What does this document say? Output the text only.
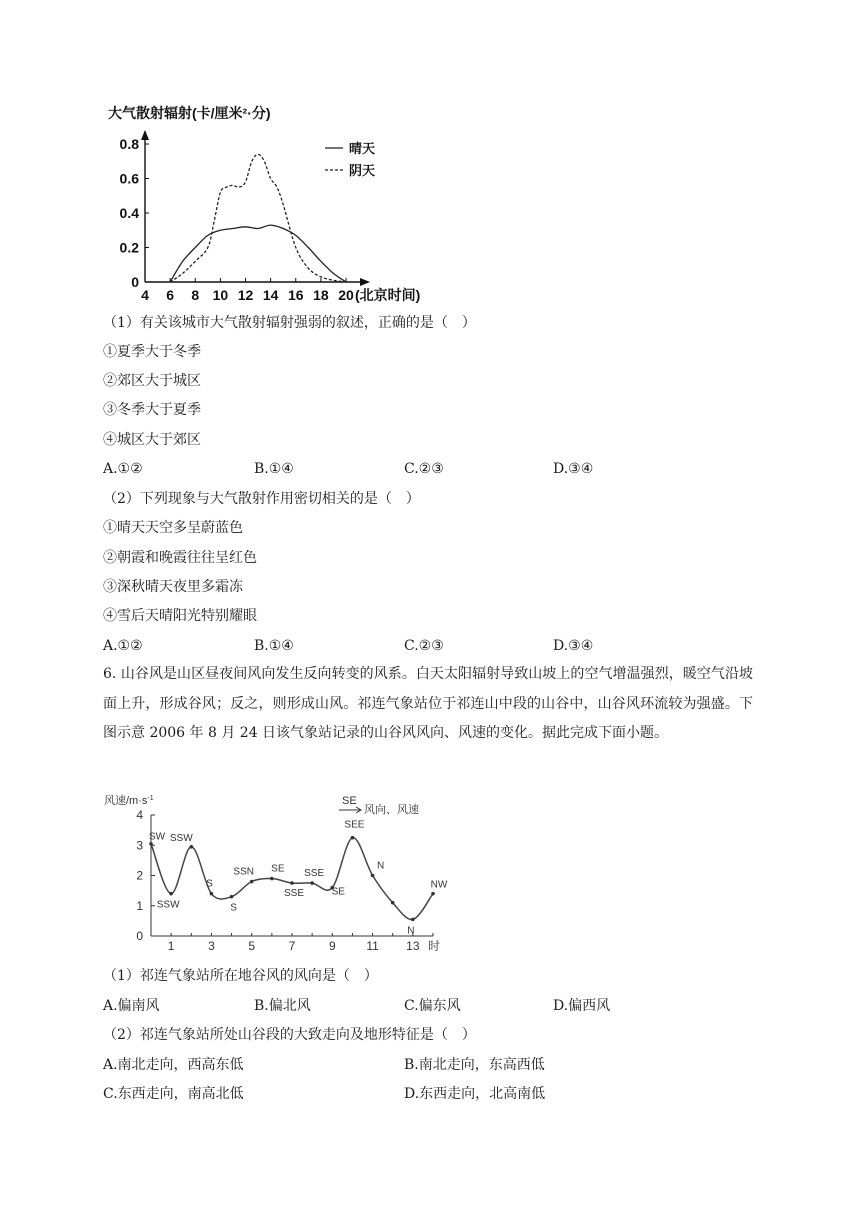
大气散射辐射(卡/厘米²·分)
0
0.2
0.4
0.6
0.8
4 6 8 10 12 14 16 18 20 (北京时间)
晴天
阴天
（1）有关该城市大气散射辐射强弱的叙述，正确的是（　）
①夏季大于冬季
②郊区大于城区
③冬季大于夏季
④城区大于郊区
A.①②	B.①④	C.②③	D.③④
（2）下列现象与大气散射作用密切相关的是（　）
①晴天天空多呈蔚蓝色
②朝霞和晚霞往往呈红色
③深秋晴天夜里多霜冻
④雪后天晴阳光特别耀眼
A.①②	B.①④	C.②③	D.③④
6. 山谷风是山区昼夜间风向发生反向转变的风系。白天太阳辐射导致山坡上的空气增温强烈，暖空气沿坡面上升，形成谷风；反之，则形成山风。祁连气象站位于祁连山中段的山谷中，山谷风环流较为强盛。下图示意 2006 年 8 月 24 日该气象站记录的山谷风风向、风速的变化。据此完成下面小题。
风速$/m\cdot s^{-1}$	SE
风向、风速
0
1
2
3
4
1	3	5	7	9	11 13 时
SW
SSW
SSW
S
S
SSN SE
SSE
SSE
SE
SEE
N
N
NW
（1）祁连气象站所在地谷风的风向是（　）
A.偏南风	B.偏北风	C.偏东风	D.偏西风
（2）祁连气象站所处山谷段的大致走向及地形特征是（　）
A.南北走向，西高东低	B.南北走向，东高西低
C.东西走向，南高北低	D.东西走向，北高南低
